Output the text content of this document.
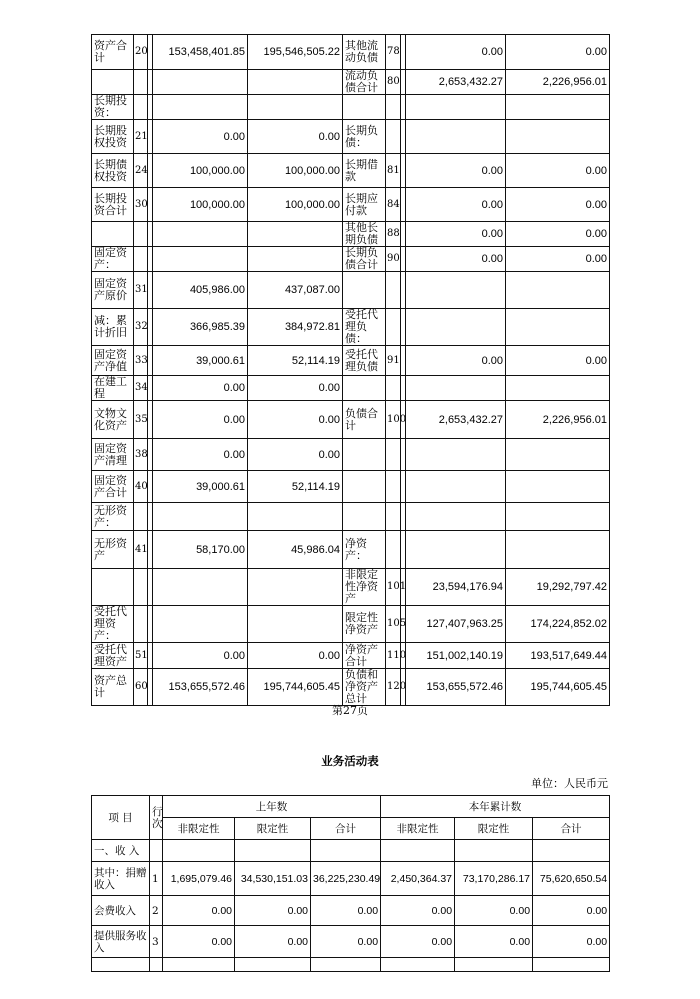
资产合计	20		153,458,401.85	195,546,505.22	其他流动负债	78		0.00	0.00
					流动负债合计	80		2,653,432.27	2,226,956.01
长期投资：									
长期股权投资	21		0.00	0.00	长期负债：				
长期债权投资	24		100,000.00	100,000.00	长期借款	81		0.00	0.00
长期投资合计	30		100,000.00	100,000.00	长期应付款	84		0.00	0.00
					其他长期负债	88		0.00	0.00
固定资产：					长期负债合计	90		0.00	0.00
固定资产原价	31		405,986.00	437,087.00					
减：累计折旧	32		366,985.39	384,972.81	受托代理负债：				
固定资产净值	33		39,000.61	52,114.19	受托代理负债	91		0.00	0.00
在建工程	34		0.00	0.00					
文物文化资产	35		0.00	0.00	负债合计	100		2,653,432.27	2,226,956.01
固定资产清理	38		0.00	0.00					
固定资产合计	40		39,000.61	52,114.19					
无形资产：									
无形资产	41		58,170.00	45,986.04	净资产：				
					非限定性净资产	101		23,594,176.94	19,292,797.42
受托代理资产：					限定性净资产	105		127,407,963.25	174,224,852.02
受托代理资产	51		0.00	0.00	净资产合计	110		151,002,140.19	193,517,649.44
资产总计	60		153,655,572.46	195,744,605.45	负债和净资产总计	120		153,655,572.46	195,744,605.45
第27页
业务活动表
单位：人民币元
项 目	行次	上年数			本年累计数		
		非限定性	限定性	合计	非限定性	限定性	合计
一、收 入							
其中：捐赠收入	1	1,695,079.46	34,530,151.03	36,225,230.49	2,450,364.37	73,170,286.17	75,620,650.54
会费收入	2	0.00	0.00	0.00	0.00	0.00	0.00
提供服务收入	3	0.00	0.00	0.00	0.00	0.00	0.00
